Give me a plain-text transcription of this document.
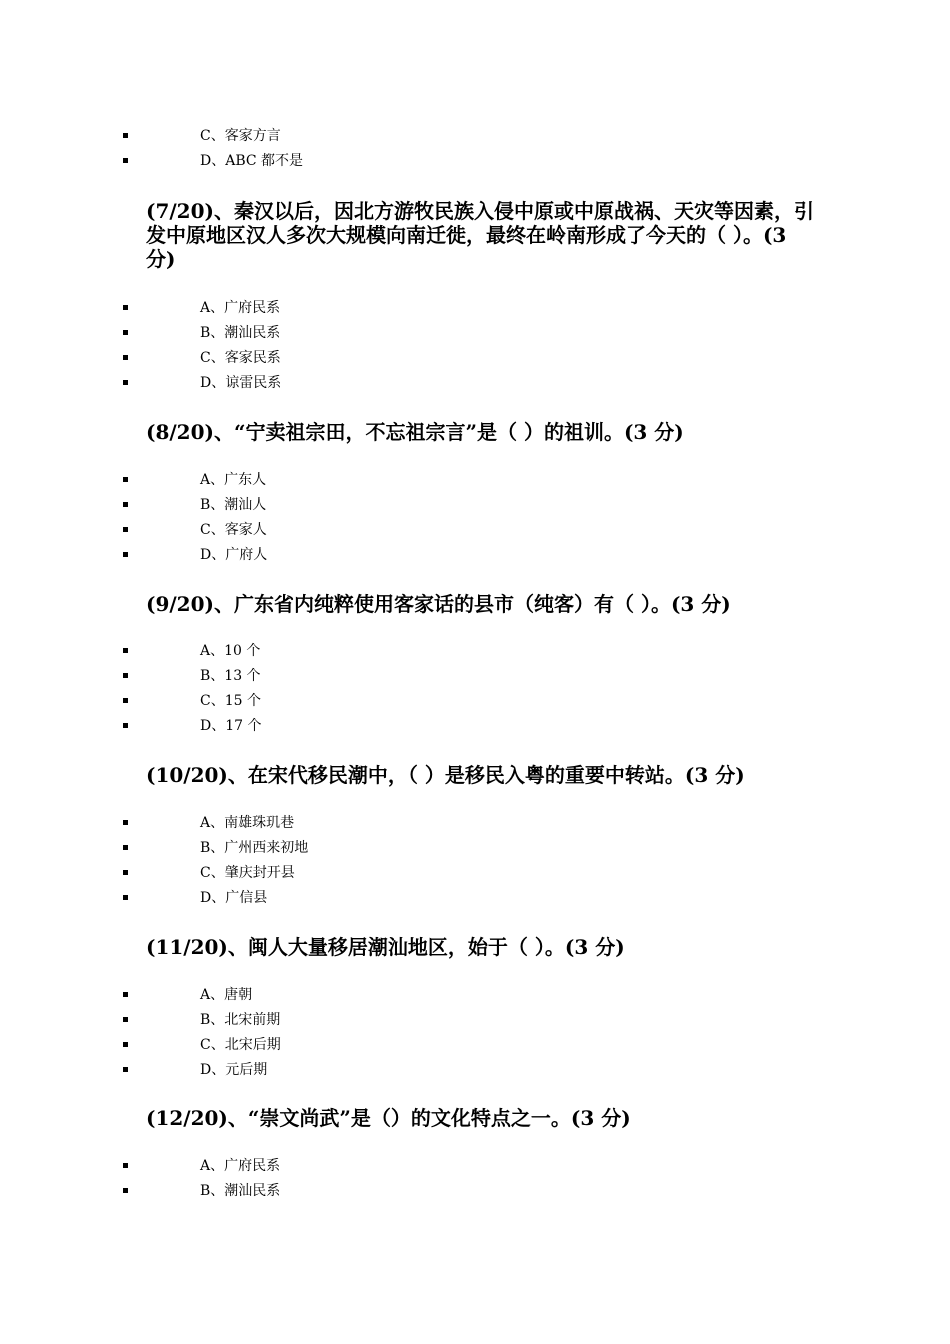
C、客家方言
D、ABC 都不是
(7/20)、秦汉以后，因北方游牧民族入侵中原或中原战祸、天灾等因素，引发中原地区汉人多次大规模向南迁徙，最终在岭南形成了今天的（ ）。(3 分)
A、广府民系
B、潮汕民系
C、客家民系
D、谅雷民系
(8/20)、“宁卖祖宗田，不忘祖宗言”是（ ）的祖训。(3 分)
A、广东人
B、潮汕人
C、客家人
D、广府人
(9/20)、广东省内纯粹使用客家话的县市（纯客）有（ ）。(3 分)
A、10 个
B、13 个
C、15 个
D、17 个
(10/20)、在宋代移民潮中，（ ）是移民入粤的重要中转站。(3 分)
A、南雄珠玑巷
B、广州西来初地
C、肇庆封开县
D、广信县
(11/20)、闽人大量移居潮汕地区，始于（ ）。(3 分)
A、唐朝
B、北宋前期
C、北宋后期
D、元后期
(12/20)、“崇文尚武”是（）的文化特点之一。(3 分)
A、广府民系
B、潮汕民系
